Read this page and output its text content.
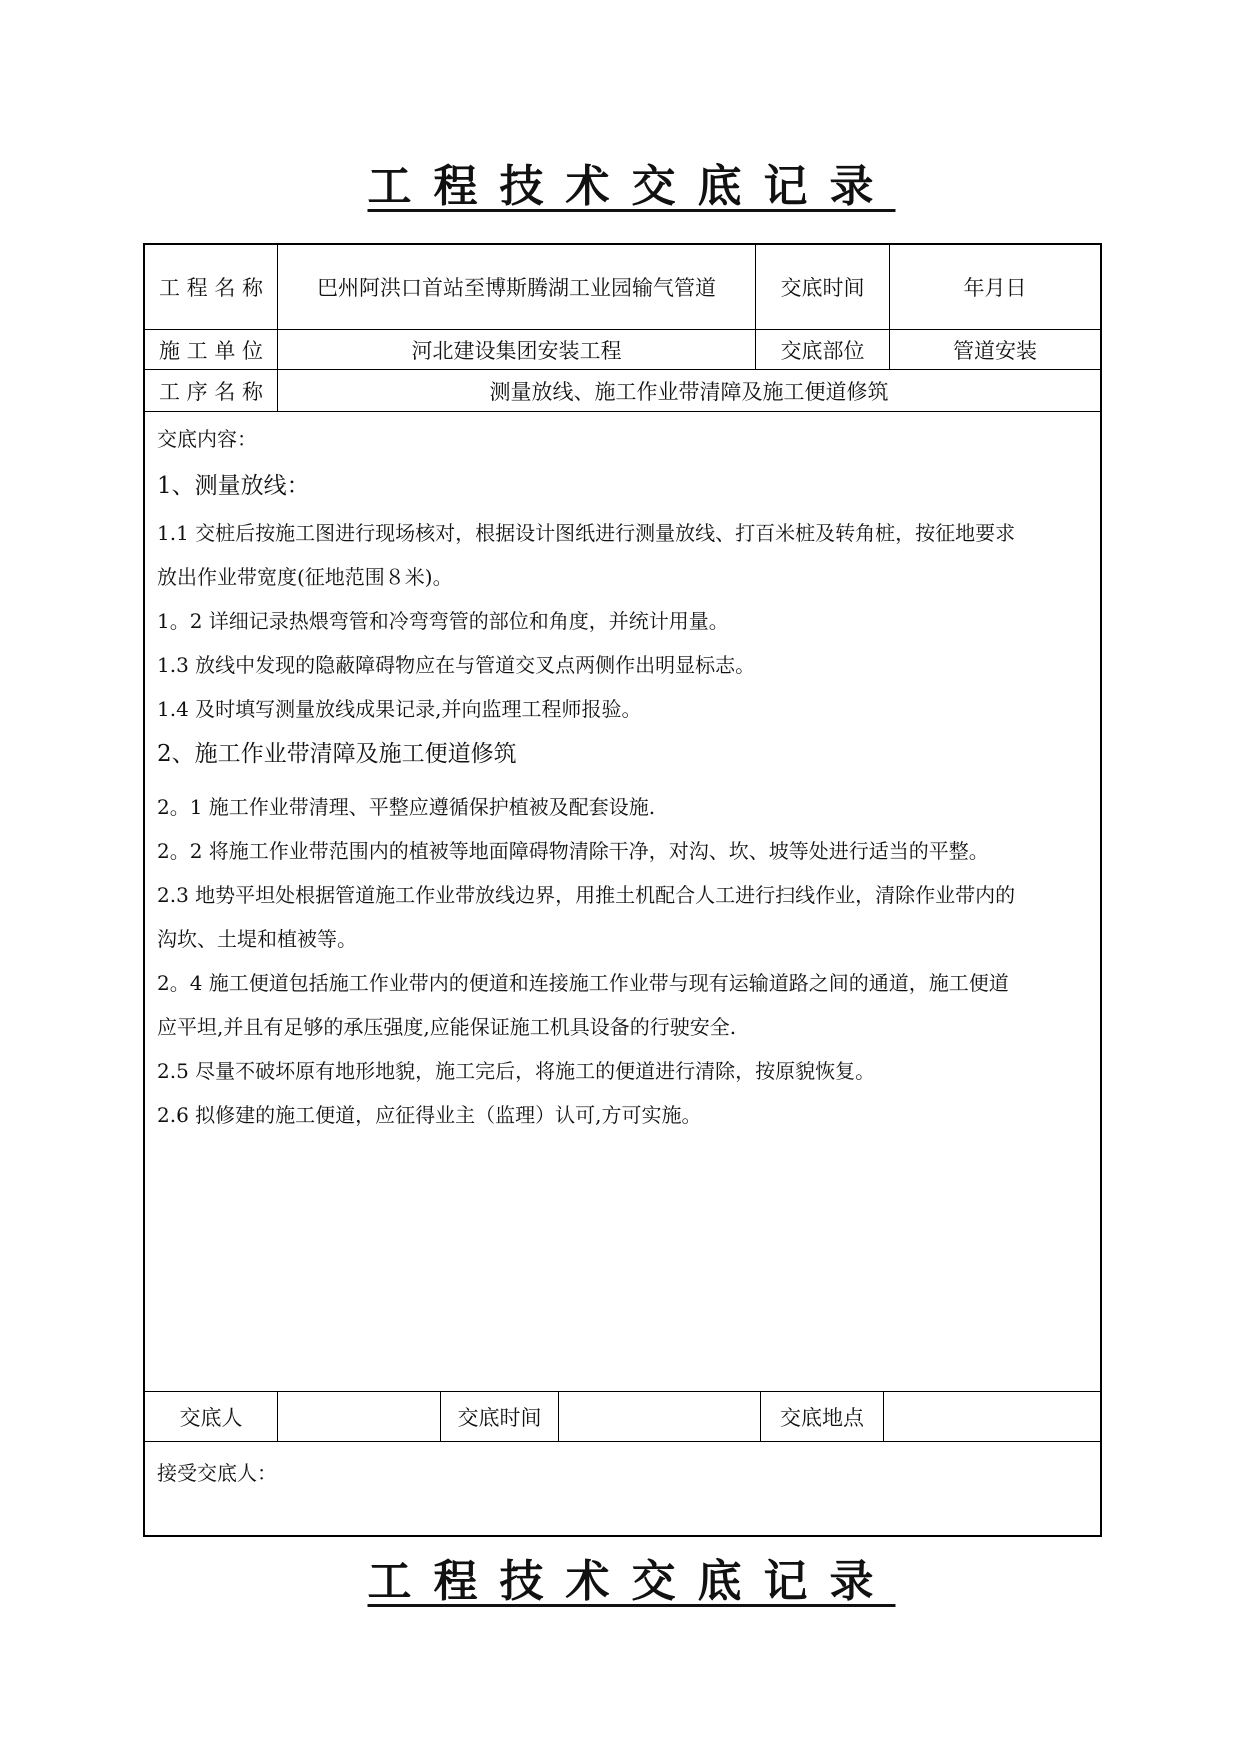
工程技术交底记录
工 程 名 称	巴州阿洪口首站至博斯腾湖工业园输气管道	交底时间	年月日
施 工 单 位	河北建设集团安装工程	交底部位	管道安装
工 序 名 称	测量放线、施工作业带清障及施工便道修筑

交底内容：

1、测量放线：

1.1 交桩后按施工图进行现场核对，根据设计图纸进行测量放线、打百米桩及转角桩，按征地要求

放出作业带宽度(征地范围８米)。

1。2 详细记录热煨弯管和冷弯弯管的部位和角度，并统计用量。

1.3 放线中发现的隐蔽障碍物应在与管道交叉点两侧作出明显标志。

1.4 及时填写测量放线成果记录,并向监理工程师报验。

2、施工作业带清障及施工便道修筑

2。1 施工作业带清理、平整应遵循保护植被及配套设施.

2。2 将施工作业带范围内的植被等地面障碍物清除干净，对沟、坎、坡等处进行适当的平整。

2.3 地势平坦处根据管道施工作业带放线边界，用推土机配合人工进行扫线作业，清除作业带内的

沟坎、土堤和植被等。

2。4 施工便道包括施工作业带内的便道和连接施工作业带与现有运输道路之间的通道，施工便道

应平坦,并且有足够的承压强度,应能保证施工机具设备的行驶安全.

2.5 尽量不破坏原有地形地貌，施工完后，将施工的便道进行清除，按原貌恢复。

2.6 拟修建的施工便道，应征得业主（监理）认可,方可实施。

交底人	交底时间	交底地点

接受交底人：

工程技术交底记录
